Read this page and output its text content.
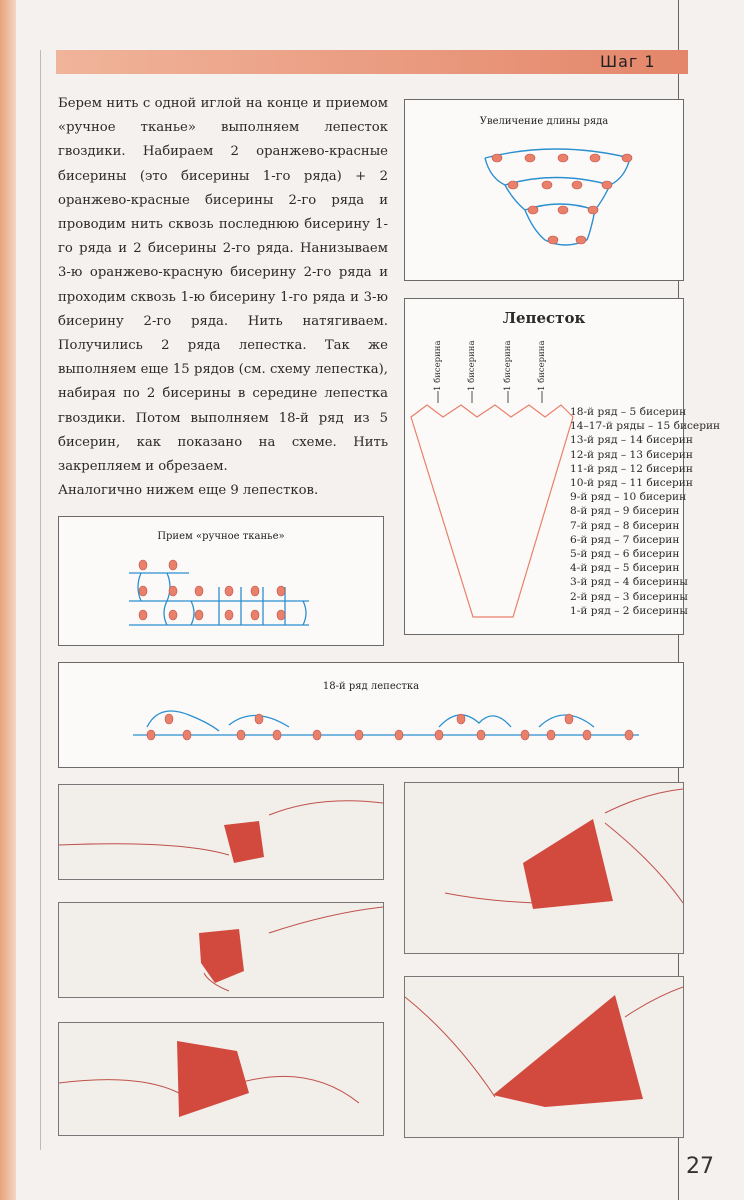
Шаг 1

Берем нить с одной иглой на конце и приемом «ручное тканье» выполняем лепесток гвоздики. Набираем 2 оранжево-красные бисерины (это бисерины 1-го ряда) + 2 оранжево-красные бисерины 2-го ряда и проводим нить сквозь последнюю бисерину 1-го ряда и 2 бисерины 2-го ряда. Нанизываем 3-ю оранжево-красную бисерину 2-го ряда и проходим сквозь 1-ю бисерину 1-го ряда и 3-ю бисерину 2-го ряда. Нить натягиваем. Получились 2 ряда лепестка. Так же выполняем еще 15 рядов (см. схему лепестка), набирая по 2 бисерины в середине лепестка гвоздики. Потом выполняем 18-й ряд из 5 бисерин, как показано на схеме. Нить закрепляем и обрезаем.

Аналогично нижем еще 9 лепестков.

Увеличение длины ряда
Лепесток
1 бисерина	1 бисерина	1 бисерина	1 бисерина
18-й ряд – 5 бисерин
14–17-й ряды – 15 бисерин
13-й ряд – 14 бисерин
12-й ряд – 13 бисерин
11-й ряд – 12 бисерин
10-й ряд – 11 бисерин
9-й ряд – 10 бисерин
8-й ряд – 9 бисерин
7-й ряд – 8 бисерин
6-й ряд – 7 бисерин
5-й ряд – 6 бисерин
4-й ряд – 5 бисерин
3-й ряд – 4 бисерины
2-й ряд – 3 бисерины
1-й ряд – 2 бисерины
Прием «ручное тканье»
18-й ряд лепестка
27
